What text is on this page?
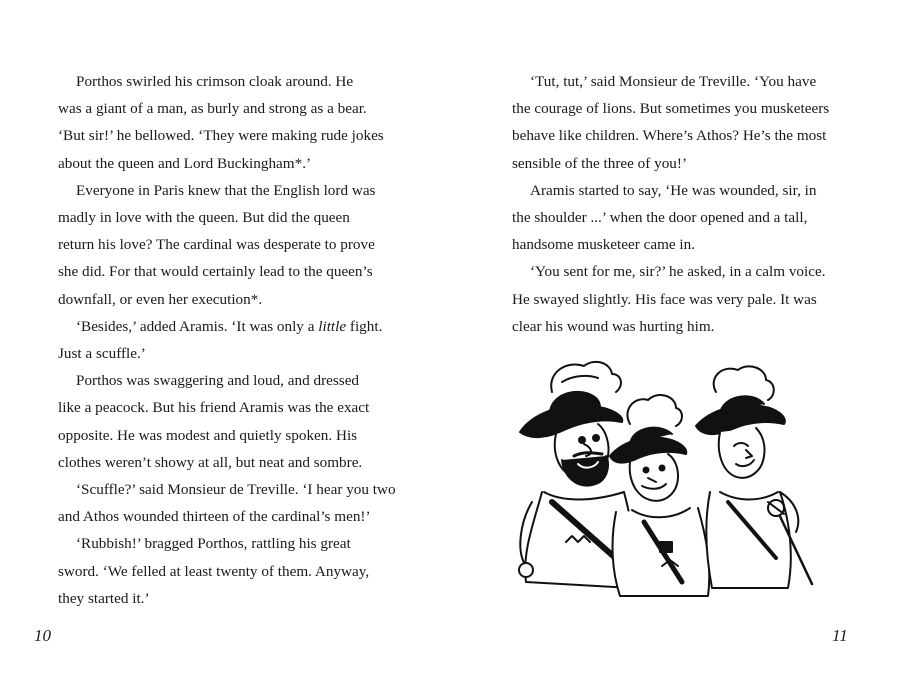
Porthos swirled his crimson cloak around. He
was a giant of a man, as burly and strong as a bear.
‘But sir!’ he bellowed. ‘They were making rude jokes
about the queen and Lord Buckingham*.’

Everyone in Paris knew that the English lord was
madly in love with the queen. But did the queen
return his love? The cardinal was desperate to prove
she did. For that would certainly lead to the queen’s
downfall, or even her execution*.

‘Besides,’ added Aramis. ‘It was only a little fight.
Just a scuffle.’

Porthos was swaggering and loud, and dressed
like a peacock. But his friend Aramis was the exact
opposite. He was modest and quietly spoken. His
clothes weren’t showy at all, but neat and sombre.

‘Scuffle?’ said Monsieur de Treville. ‘I hear you two
and Athos wounded thirteen of the cardinal’s men!’

‘Rubbish!’ bragged Porthos, rattling his great
sword. ‘We felled at least twenty of them. Anyway,
they started it.’

10

‘Tut, tut,’ said Monsieur de Treville. ‘You have
the courage of lions. But sometimes you musketeers
behave like children. Where’s Athos? He’s the most
sensible of the three of you!’

Aramis started to say, ‘He was wounded, sir, in
the shoulder ...’ when the door opened and a tall,
handsome musketeer came in.

‘You sent for me, sir?’ he asked, in a calm voice.
He swayed slightly. His face was very pale. It was
clear his wound was hurting him.

11
